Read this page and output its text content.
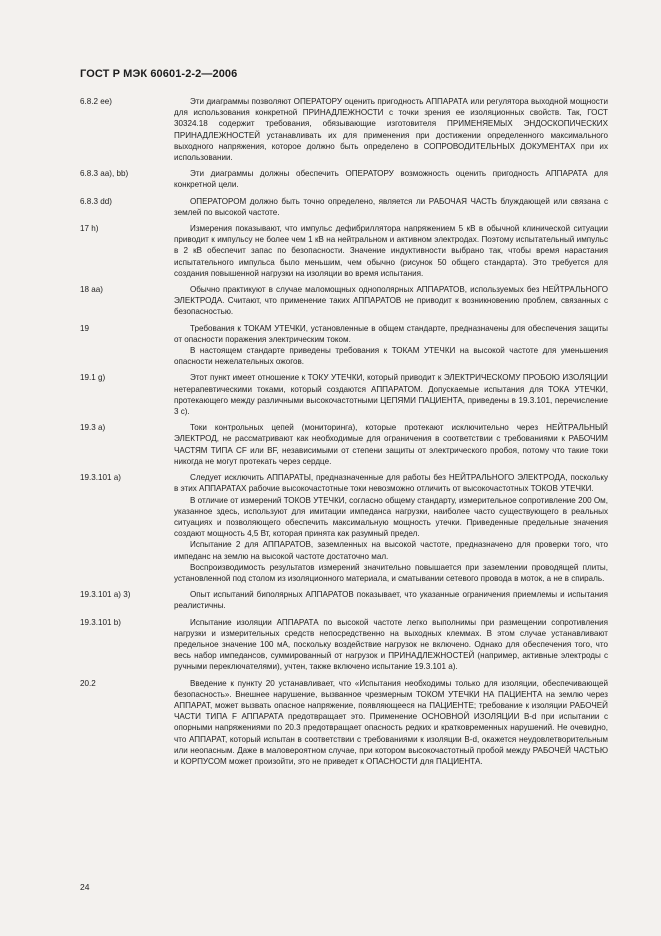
ГОСТ Р МЭК 60601-2-2—2006
6.8.2 ee)	Эти диаграммы позволяют ОПЕРАТОРУ оценить пригодность АППАРАТА или регулятора выходной мощности для использования конкретной ПРИНАДЛЕЖНОСТИ с точки зрения ее изоляционных свойств. Так, ГОСТ 30324.18 содержит требования, обязывающие изготовителя ПРИМЕНЯЕМЫХ ЭНДОСКОПИЧЕСКИХ ПРИНАДЛЕЖНОСТЕЙ устанавливать их для применения при достижении определенного максимального выходного напряжения, которое должно быть определено в СОПРОВОДИТЕЛЬНЫХ ДОКУМЕНТАХ при их использовании.

6.8.3 aa), bb)	Эти диаграммы должны обеспечить ОПЕРАТОРУ возможность оценить пригодность АППАРАТА для конкретной цели.

6.8.3 dd)	ОПЕРАТОРОМ должно быть точно определено, является ли РАБОЧАЯ ЧАСТЬ блуждающей или связана с землей по высокой частоте.

17 h)	Измерения показывают, что импульс дефибриллятора напряжением 5 кВ в обычной клинической ситуации приводит к импульсу не более чем 1 кВ на нейтральном и активном электродах. Поэтому испытательный импульс в 2 кВ обеспечит запас по безопасности. Значение индуктивности выбрано так, чтобы время нарастания испытательного импульса было меньшим, чем обычно (рисунок 50 общего стандарта). Это требуется для создания повышенной нагрузки на изоляции во время испытания.

18 aa)	Обычно практикуют в случае маломощных однополярных АППАРАТОВ, используемых без НЕЙТРАЛЬНОГО ЭЛЕКТРОДА. Считают, что применение таких АППАРАТОВ не приводит к возникновению проблем, связанных с безопасностью.

19	Требования к ТОКАМ УТЕЧКИ, установленные в общем стандарте, предназначены для обеспечения защиты от опасности поражения электрическим током.

В настоящем стандарте приведены требования к ТОКАМ УТЕЧКИ на высокой частоте для уменьшения опасности нежелательных ожогов.

19.1 g)	Этот пункт имеет отношение к ТОКУ УТЕЧКИ, который приводит к ЭЛЕКТРИЧЕСКОМУ ПРОБОЮ ИЗОЛЯЦИИ нетерапевтическими токами, который создаются АППАРАТОМ. Допускаемые испытания для ТОКА УТЕЧКИ, протекающего между различными высокочастотными ЦЕПЯМИ ПАЦИЕНТА, приведены в 19.3.101, перечисление 3 с).

19.3 a)	Токи контрольных цепей (мониторинга), которые протекают исключительно через НЕЙТРАЛЬНЫЙ ЭЛЕКТРОД, не рассматривают как необходимые для ограничения в соответствии с требованиями к РАБОЧИМ ЧАСТЯМ ТИПА CF или BF, независимыми от степени защиты от электрического пробоя, потому что такие токи никогда не могут протекать через сердце.

19.3.101 a)	Следует исключить АППАРАТЫ, предназначенные для работы без НЕЙТРАЛЬНОГО ЭЛЕКТРОДА, поскольку в этих АППАРАТАХ рабочие высокочастотные токи невозможно отличить от высокочастотных ТОКОВ УТЕЧКИ.

В отличие от измерений ТОКОВ УТЕЧКИ, согласно общему стандарту, измерительное сопротивление 200 Ом, указанное здесь, используют для имитации импеданса нагрузки, наиболее часто существующего в реальных ситуациях и позволяющего обеспечить максимальную мощность утечки. Приведенные предельные значения создают мощность 4,5 Вт, которая принята как разумный предел.

Испытание 2 для АППАРАТОВ, заземленных на высокой частоте, предназначено для проверки того, что импеданс на землю на высокой частоте достаточно мал.

Воспроизводимость результатов измерений значительно повышается при заземлении проводящей плиты, установленной под столом из изоляционного материала, и сматывании сетевого провода в моток, а не в спираль.

19.3.101 a) 3)	Опыт испытаний биполярных АППАРАТОВ показывает, что указанные ограничения приемлемы и испытания реалистичны.

19.3.101 b)	Испытание изоляции АППАРАТА по высокой частоте легко выполнимы при размещении сопротивления нагрузки и измерительных средств непосредственно на выходных клеммах. В этом случае устанавливают предельное значение 100 мА, поскольку воздействие нагрузок не включено. Однако для обеспечения того, что весь набор импедансов, суммированный от нагрузок и ПРИНАДЛЕЖНОСТЕЙ (например, активные электроды с ручными переключателями), учтен, также включено испытание 19.3.101 а).

20.2	Введение к пункту 20 устанавливает, что «Испытания необходимы только для изоляции, обеспечивающей безопасность». Внешнее нарушение, вызванное чрезмерным ТОКОМ УТЕЧКИ НА ПАЦИЕНТА на землю через АППАРАТ, может вызвать опасное напряжение, появляющееся на ПАЦИЕНТЕ; требование к изоляции РАБОЧЕЙ ЧАСТИ ТИПА F АППАРАТА предотвращает это. Применение ОСНОВНОЙ ИЗОЛЯЦИИ B-d при испытании с опорными напряжениями по 20.3 предотвращает опасность редких и кратковременных нарушений. Не очевидно, что АППАРАТ, который испытан в соответствии с требованиями к изоляции B-d, окажется неудовлетворительным или неопасным. Даже в маловероятном случае, при котором высокочастотный пробой между РАБОЧЕЙ ЧАСТЬЮ и КОРПУСОМ может произойти, это не приведет к ОПАСНОСТИ для ПАЦИЕНТА.

24
